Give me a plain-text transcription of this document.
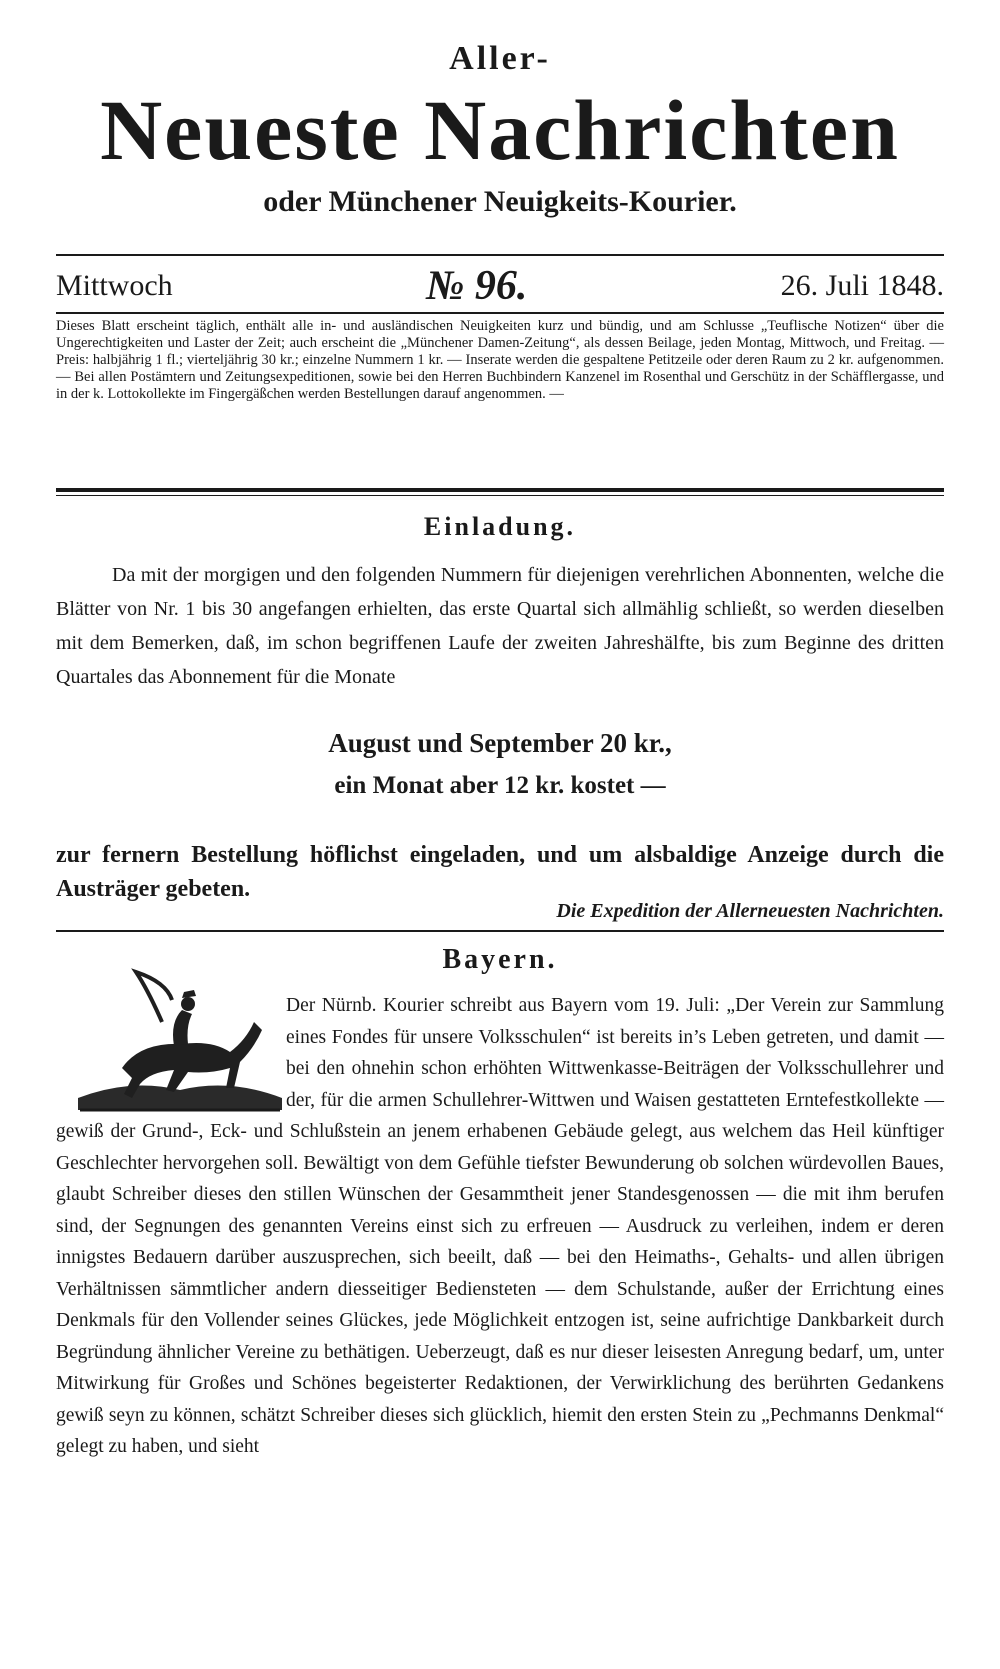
Aller-
Neueste Nachrichten
oder Münchener Neuigkeits-Kourier.
Mittwoch	№ 96.	26. Juli 1848.
Dieses Blatt erscheint täglich, enthält alle in- und ausländischen Neuigkeiten kurz und bündig, und am Schlusse „Teuflische Notizen“ über die Ungerechtigkeiten und Laster der Zeit; auch erscheint die „Münchener Damen-Zeitung“, als dessen Beilage, jeden Montag, Mittwoch, und Freitag. — Preis: halbjährig 1 fl.; vierteljährig 30 kr.; einzelne Nummern 1 kr. — Inserate werden die gespaltene Petitzeile oder deren Raum zu 2 kr. aufgenommen. — Bei allen Postämtern und Zeitungsexpeditionen, sowie bei den Herren Buchbindern Kanzenel im Rosenthal und Gerschütz in der Schäfflergasse, und in der k. Lottokollekte im Fingergäßchen werden Bestellungen darauf angenommen. —
Einladung.

Da mit der morgigen und den folgenden Nummern für diejenigen verehrlichen Abonnenten, welche die Blätter von Nr. 1 bis 30 angefangen erhielten, das erste Quartal sich allmählig schließt, so werden dieselben mit dem Bemerken, daß, im schon begriffenen Laufe der zweiten Jahreshälfte, bis zum Beginne des dritten Quartales das Abonnement für die Monate

August und September 20 kr.,
ein Monat aber 12 kr. kostet —
zur fernern Bestellung höflichst eingeladen, und um alsbaldige Anzeige durch die Austräger gebeten.
Die Expedition der Allerneuesten Nachrichten.
Bayern.
Der Nürnb. Kourier schreibt aus Bayern vom 19. Juli: „Der Verein zur Sammlung eines Fondes für unsere Volksschulen“ ist bereits in’s Leben getreten, und damit — bei den ohnehin schon erhöhten Wittwenkasse-Beiträgen der Volksschullehrer und der, für die armen Schullehrer-Wittwen und Waisen gestatteten Erntefestkollekte — gewiß der Grund-, Eck- und Schlußstein an jenem erhabenen Gebäude gelegt, aus welchem das Heil künftiger Geschlechter hervorgehen soll. Bewältigt von dem Gefühle tiefster Bewunderung ob solchen würdevollen Baues, glaubt Schreiber dieses den stillen Wünschen der Gesammtheit jener Standesgenossen — die mit ihm berufen sind, der Segnungen des genannten Vereins einst sich zu erfreuen — Ausdruck zu verleihen, indem er deren innigstes Bedauern darüber auszusprechen, sich beeilt, daß — bei den Heimaths-, Gehalts- und allen übrigen Verhältnissen sämmtlicher andern diesseitiger Bediensteten — dem Schulstande, außer der Errichtung eines Denkmals für den Vollender seines Glückes, jede Möglichkeit entzogen ist, seine aufrichtige Dankbarkeit durch Begründung ähnlicher Vereine zu bethätigen. Ueberzeugt, daß es nur dieser leisesten Anregung bedarf, um, unter Mitwirkung für Großes und Schönes begeisterter Redaktionen, der Verwirklichung des berührten Gedankens gewiß seyn zu können, schätzt Schreiber dieses sich glücklich, hiemit den ersten Stein zu „Pechmanns Denkmal“ gelegt zu haben, und sieht
